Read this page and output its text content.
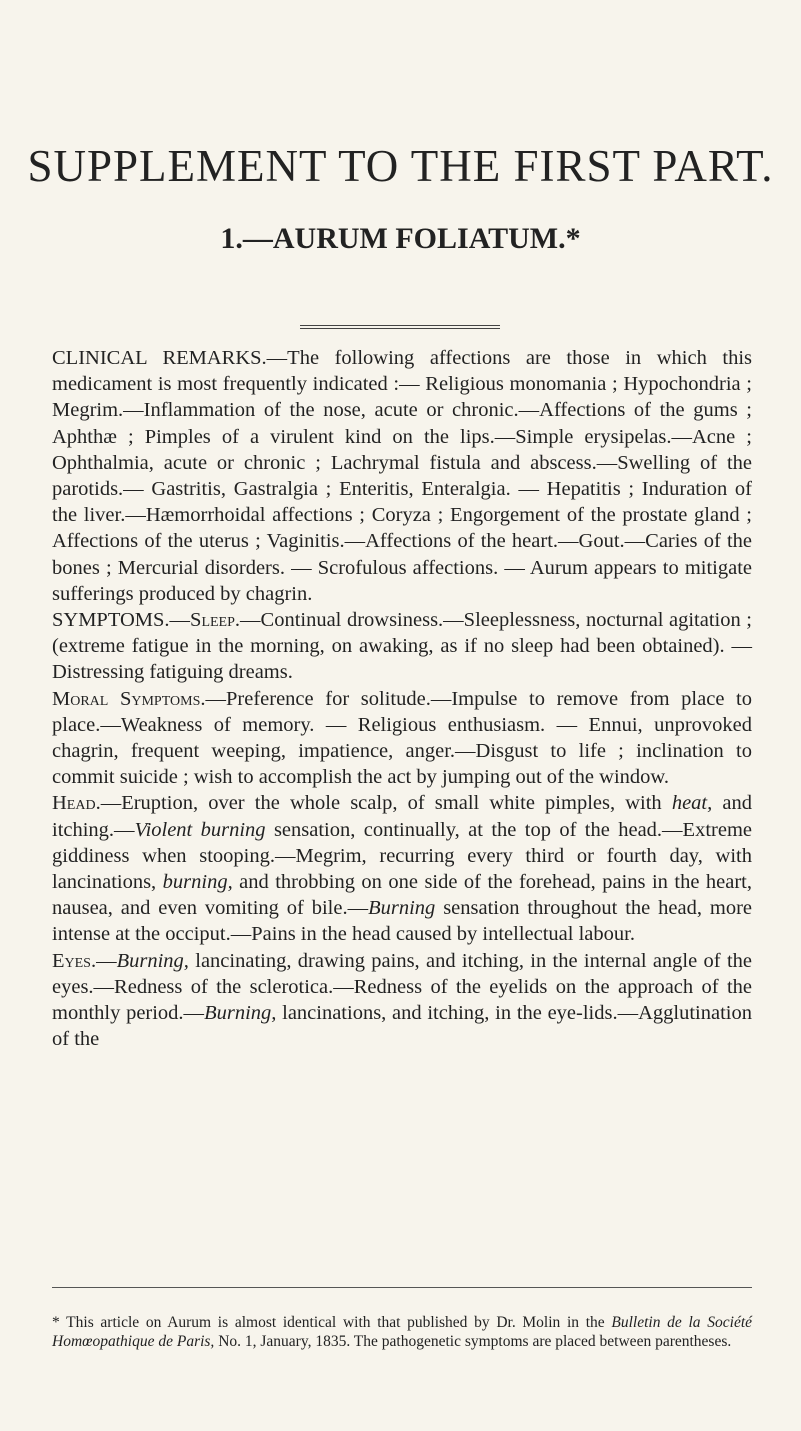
SUPPLEMENT TO THE FIRST PART.
1.—AURUM FOLIATUM.*

CLINICAL REMARKS.—The following affections are those in which this medicament is most frequently indicated :— Religious monomania ; Hypochondria ; Megrim.—Inflammation of the nose, acute or chronic.—Affections of the gums ; Aphthæ ; Pimples of a virulent kind on the lips.—Simple erysipelas.—Acne ; Ophthalmia, acute or chronic ; Lachrymal fistula and abscess.—Swelling of the parotids.— Gastritis, Gastralgia ; Enteritis, Enteralgia. — Hepatitis ; Induration of the liver.—Hæmorrhoidal affections ; Coryza ; Engorgement of the prostate gland ; Affections of the uterus ; Vaginitis.—Affections of the heart.—Gout.—Caries of the bones ; Mercurial disorders. — Scrofulous affections. — Aurum appears to mitigate sufferings produced by chagrin.

SYMPTOMS.—Sleep.—Continual drowsiness.—Sleeplessness, nocturnal agitation ; (extreme fatigue in the morning, on awaking, as if no sleep had been obtained). — Distressing fatiguing dreams.

Moral Symptoms.—Preference for solitude.—Impulse to remove from place to place.—Weakness of memory. — Religious enthusiasm. — Ennui, unprovoked chagrin, frequent weeping, impatience, anger.—Disgust to life ; inclination to commit suicide ; wish to accomplish the act by jumping out of the window.

Head.—Eruption, over the whole scalp, of small white pimples, with heat, and itching.—Violent burning sensation, continually, at the top of the head.—Extreme giddiness when stooping.—Megrim, recurring every third or fourth day, with lancinations, burning, and throbbing on one side of the forehead, pains in the heart, nausea, and even vomiting of bile.—Burning sensation throughout the head, more intense at the occiput.—Pains in the head caused by intellectual labour.

Eyes.—Burning, lancinating, drawing pains, and itching, in the internal angle of the eyes.—Redness of the sclerotica.—Redness of the eyelids on the approach of the monthly period.—Burning, lancinations, and itching, in the eye-lids.—Agglutination of the

* This article on Aurum is almost identical with that published by Dr. Molin in the Bulletin de la Société Homœopathique de Paris, No. 1, January, 1835. The pathogenetic symptoms are placed between parentheses.
